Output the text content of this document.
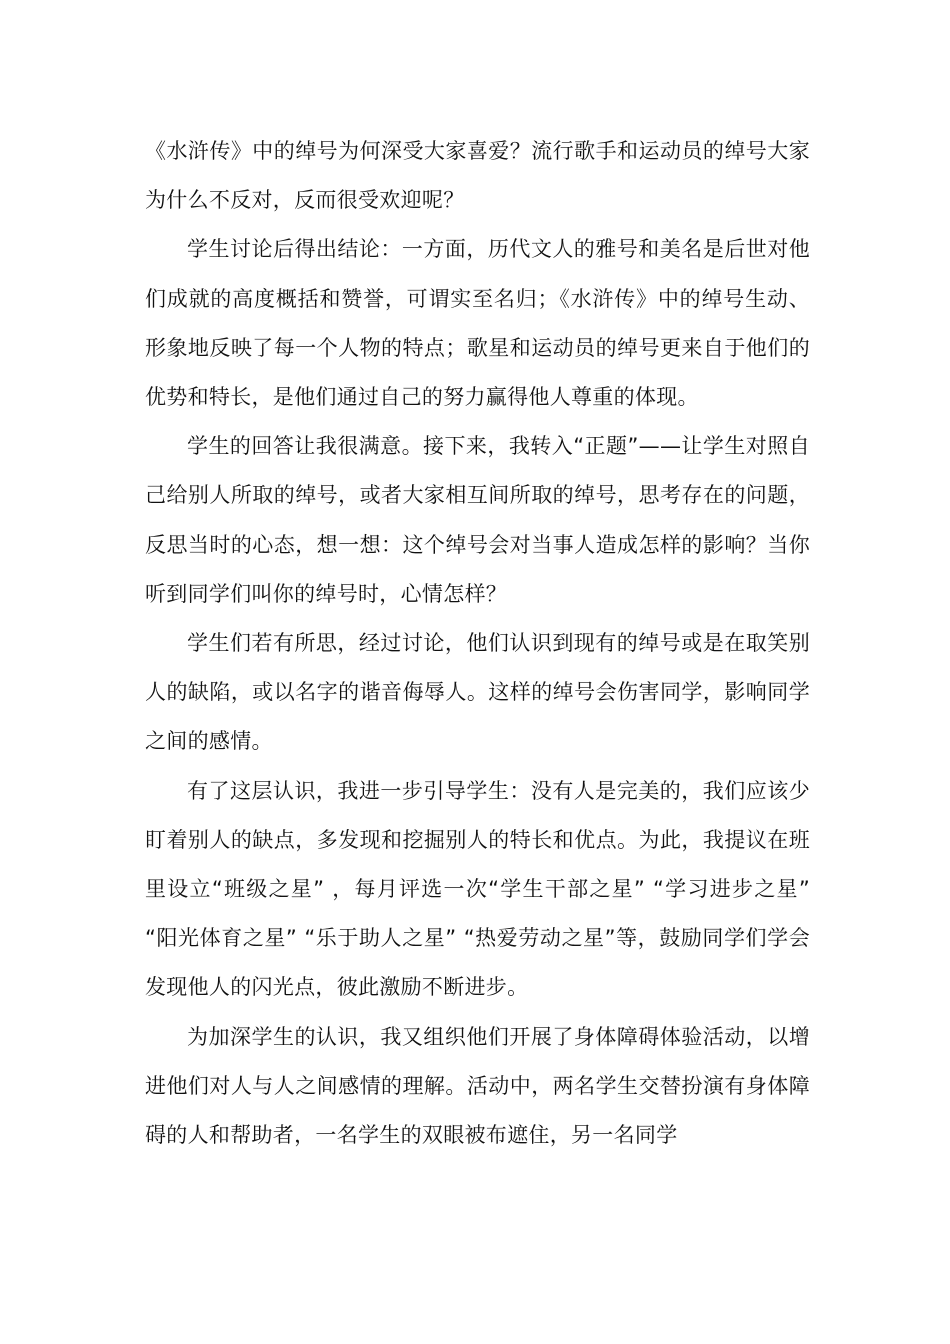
《水浒传》中的绰号为何深受大家喜爱？流行歌手和运动员的绰号大家为什么不反对，反而很受欢迎呢？

学生讨论后得出结论：一方面，历代文人的雅号和美名是后世对他们成就的高度概括和赞誉，可谓实至名归；《水浒传》中的绰号生动、形象地反映了每一个人物的特点；歌星和运动员的绰号更来自于他们的优势和特长，是他们通过自己的努力赢得他人尊重的体现。

学生的回答让我很满意。接下来，我转入“正题”——让学生对照自己给别人所取的绰号，或者大家相互间所取的绰号，思考存在的问题，反思当时的心态，想一想：这个绰号会对当事人造成怎样的影响？当你听到同学们叫你的绰号时，心情怎样？

学生们若有所思，经过讨论，他们认识到现有的绰号或是在取笑别人的缺陷，或以名字的谐音侮辱人。这样的绰号会伤害同学，影响同学之间的感情。

有了这层认识，我进一步引导学生：没有人是完美的，我们应该少盯着别人的缺点，多发现和挖掘别人的特长和优点。为此，我提议在班里设立“班级之星” ，每月评选一次“学生干部之星” “学习进步之星” “阳光体育之星” “乐于助人之星” “热爱劳动之星”等，鼓励同学们学会发现他人的闪光点，彼此激励不断进步。

为加深学生的认识，我又组织他们开展了身体障碍体验活动，以增进他们对人与人之间感情的理解。活动中，两名学生交替扮演有身体障碍的人和帮助者，一名学生的双眼被布遮住，另一名同学
